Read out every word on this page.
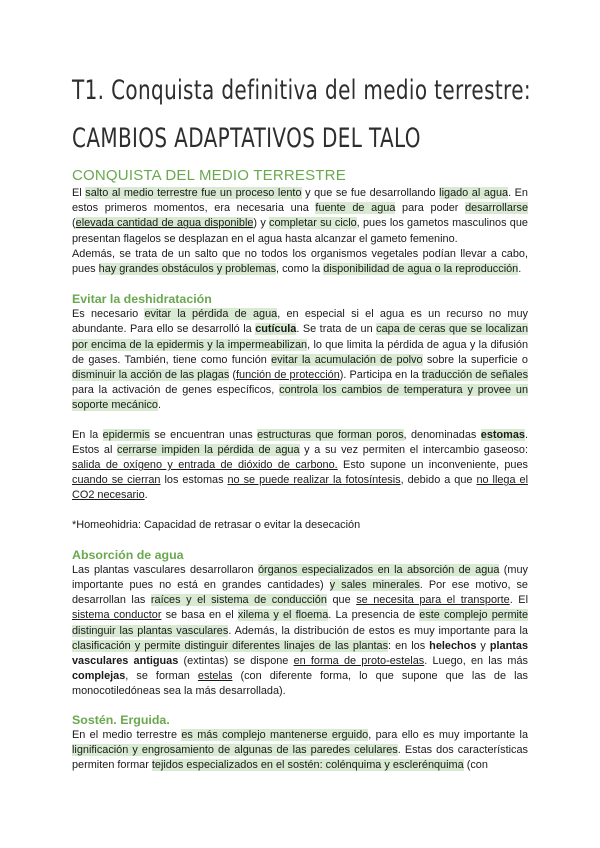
T1. Conquista definitiva del medio terrestre:
CAMBIOS ADAPTATIVOS DEL TALO
CONQUISTA DEL MEDIO TERRESTRE

El salto al medio terrestre fue un proceso lento y que se fue desarrollando ligado al agua. En estos primeros momentos, era necesaria una fuente de agua para poder desarrollarse (elevada cantidad de agua disponible) y completar su ciclo, pues los gametos masculinos que presentan flagelos se desplazan en el agua hasta alcanzar el gameto femenino.

Además, se trata de un salto que no todos los organismos vegetales podían llevar a cabo, pues hay grandes obstáculos y problemas, como la disponibilidad de agua o la reproducción.

Evitar la deshidratación

Es necesario evitar la pérdida de agua, en especial si el agua es un recurso no muy abundante. Para ello se desarrolló la cutícula. Se trata de un capa de ceras que se localizan por encima de la epidermis y la impermeabilizan, lo que limita la pérdida de agua y la difusión de gases. También, tiene como función evitar la acumulación de polvo sobre la superficie o disminuir la acción de las plagas (función de protección). Participa en la traducción de señales para la activación de genes específicos, controla los cambios de temperatura y provee un soporte mecánico.

En la epidermis se encuentran unas estructuras que forman poros, denominadas estomas. Estos al cerrarse impiden la pérdida de agua y a su vez permiten el intercambio gaseoso: salida de oxígeno y entrada de dióxido de carbono. Esto supone un inconveniente, pues cuando se cierran los estomas no se puede realizar la fotosíntesis, debido a que no llega el CO2 necesario.

*Homeohidria: Capacidad de retrasar o evitar la desecación

Absorción de agua

Las plantas vasculares desarrollaron órganos especializados en la absorción de agua (muy importante pues no está en grandes cantidades) y sales minerales. Por ese motivo, se desarrollan las raíces y el sistema de conducción que se necesita para el transporte. El sistema conductor se basa en el xilema y el floema. La presencia de este complejo permite distinguir las plantas vasculares. Además, la distribución de estos es muy importante para la clasificación y permite distinguir diferentes linajes de las plantas: en los helechos y plantas vasculares antiguas (extintas) se dispone en forma de proto-estelas. Luego, en las más complejas, se forman estelas (con diferente forma, lo que supone que las de las monocotiledóneas sea la más desarrollada).

Sostén. Erguida.

En el medio terrestre es más complejo mantenerse erguido, para ello es muy importante la lignificación y engrosamiento de algunas de las paredes celulares. Estas dos características permiten formar tejidos especializados en el sostén: colénquima y esclerénquima (con
